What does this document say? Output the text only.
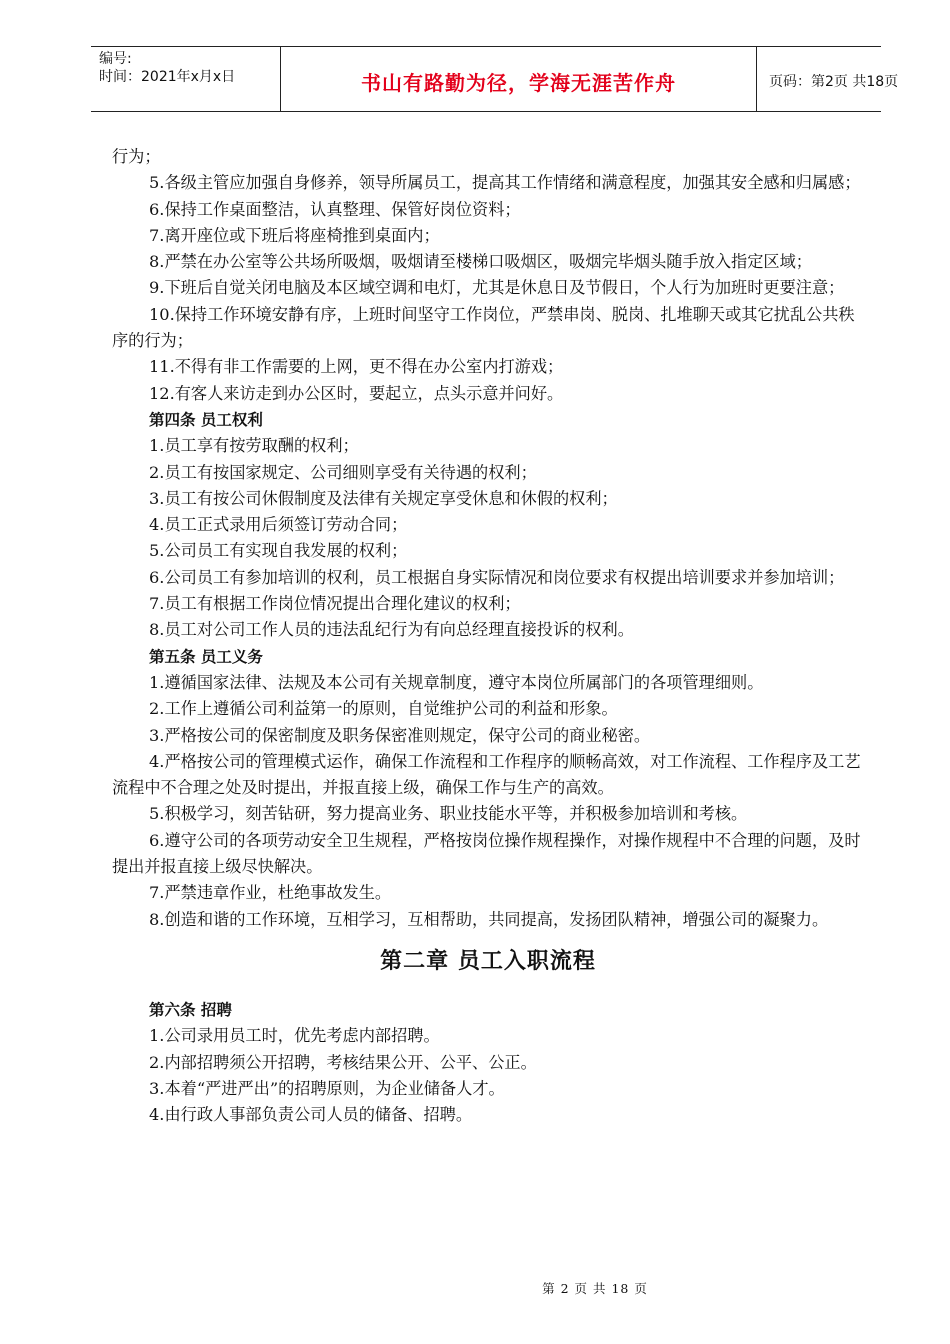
编号:
时间：2021年x月x日	书山有路勤为径，学海无涯苦作舟	页码：第2页 共18页

行为；

5.各级主管应加强自身修养，领导所属员工，提高其工作情绪和满意程度，加强其安全感和归属感；

6.保持工作桌面整洁，认真整理、保管好岗位资料；

7.离开座位或下班后将座椅推到桌面内；

8.严禁在办公室等公共场所吸烟，吸烟请至楼梯口吸烟区，吸烟完毕烟头随手放入指定区域；

9.下班后自觉关闭电脑及本区域空调和电灯，尤其是休息日及节假日，个人行为加班时更要注意；

10.保持工作环境安静有序，上班时间坚守工作岗位，严禁串岗、脱岗、扎堆聊天或其它扰乱公共秩序的行为；

11.不得有非工作需要的上网，更不得在办公室内打游戏；

12.有客人来访走到办公区时，要起立，点头示意并问好。

第四条 员工权利

1.员工享有按劳取酬的权利；

2.员工有按国家规定、公司细则享受有关待遇的权利；

3.员工有按公司休假制度及法律有关规定享受休息和休假的权利；

4.员工正式录用后须签订劳动合同；

5.公司员工有实现自我发展的权利；

6.公司员工有参加培训的权利，员工根据自身实际情况和岗位要求有权提出培训要求并参加培训；

7.员工有根据工作岗位情况提出合理化建议的权利；

8.员工对公司工作人员的违法乱纪行为有向总经理直接投诉的权利。

第五条 员工义务

1.遵循国家法律、法规及本公司有关规章制度，遵守本岗位所属部门的各项管理细则。

2.工作上遵循公司利益第一的原则，自觉维护公司的利益和形象。

3.严格按公司的保密制度及职务保密准则规定，保守公司的商业秘密。

4.严格按公司的管理模式运作，确保工作流程和工作程序的顺畅高效，对工作流程、工作程序及工艺流程中不合理之处及时提出，并报直接上级，确保工作与生产的高效。

5.积极学习，刻苦钻研，努力提高业务、职业技能水平等，并积极参加培训和考核。

6.遵守公司的各项劳动安全卫生规程，严格按岗位操作规程操作，对操作规程中不合理的问题，及时提出并报直接上级尽快解决。

7.严禁违章作业，杜绝事故发生。

8.创造和谐的工作环境，互相学习，互相帮助，共同提高，发扬团队精神，增强公司的凝聚力。

第二章 员工入职流程

第六条 招聘

1.公司录用员工时，优先考虑内部招聘。

2.内部招聘须公开招聘，考核结果公开、公平、公正。

3.本着“严进严出”的招聘原则，为企业储备人才。

4.由行政人事部负责公司人员的储备、招聘。

第 2 页 共 18 页
